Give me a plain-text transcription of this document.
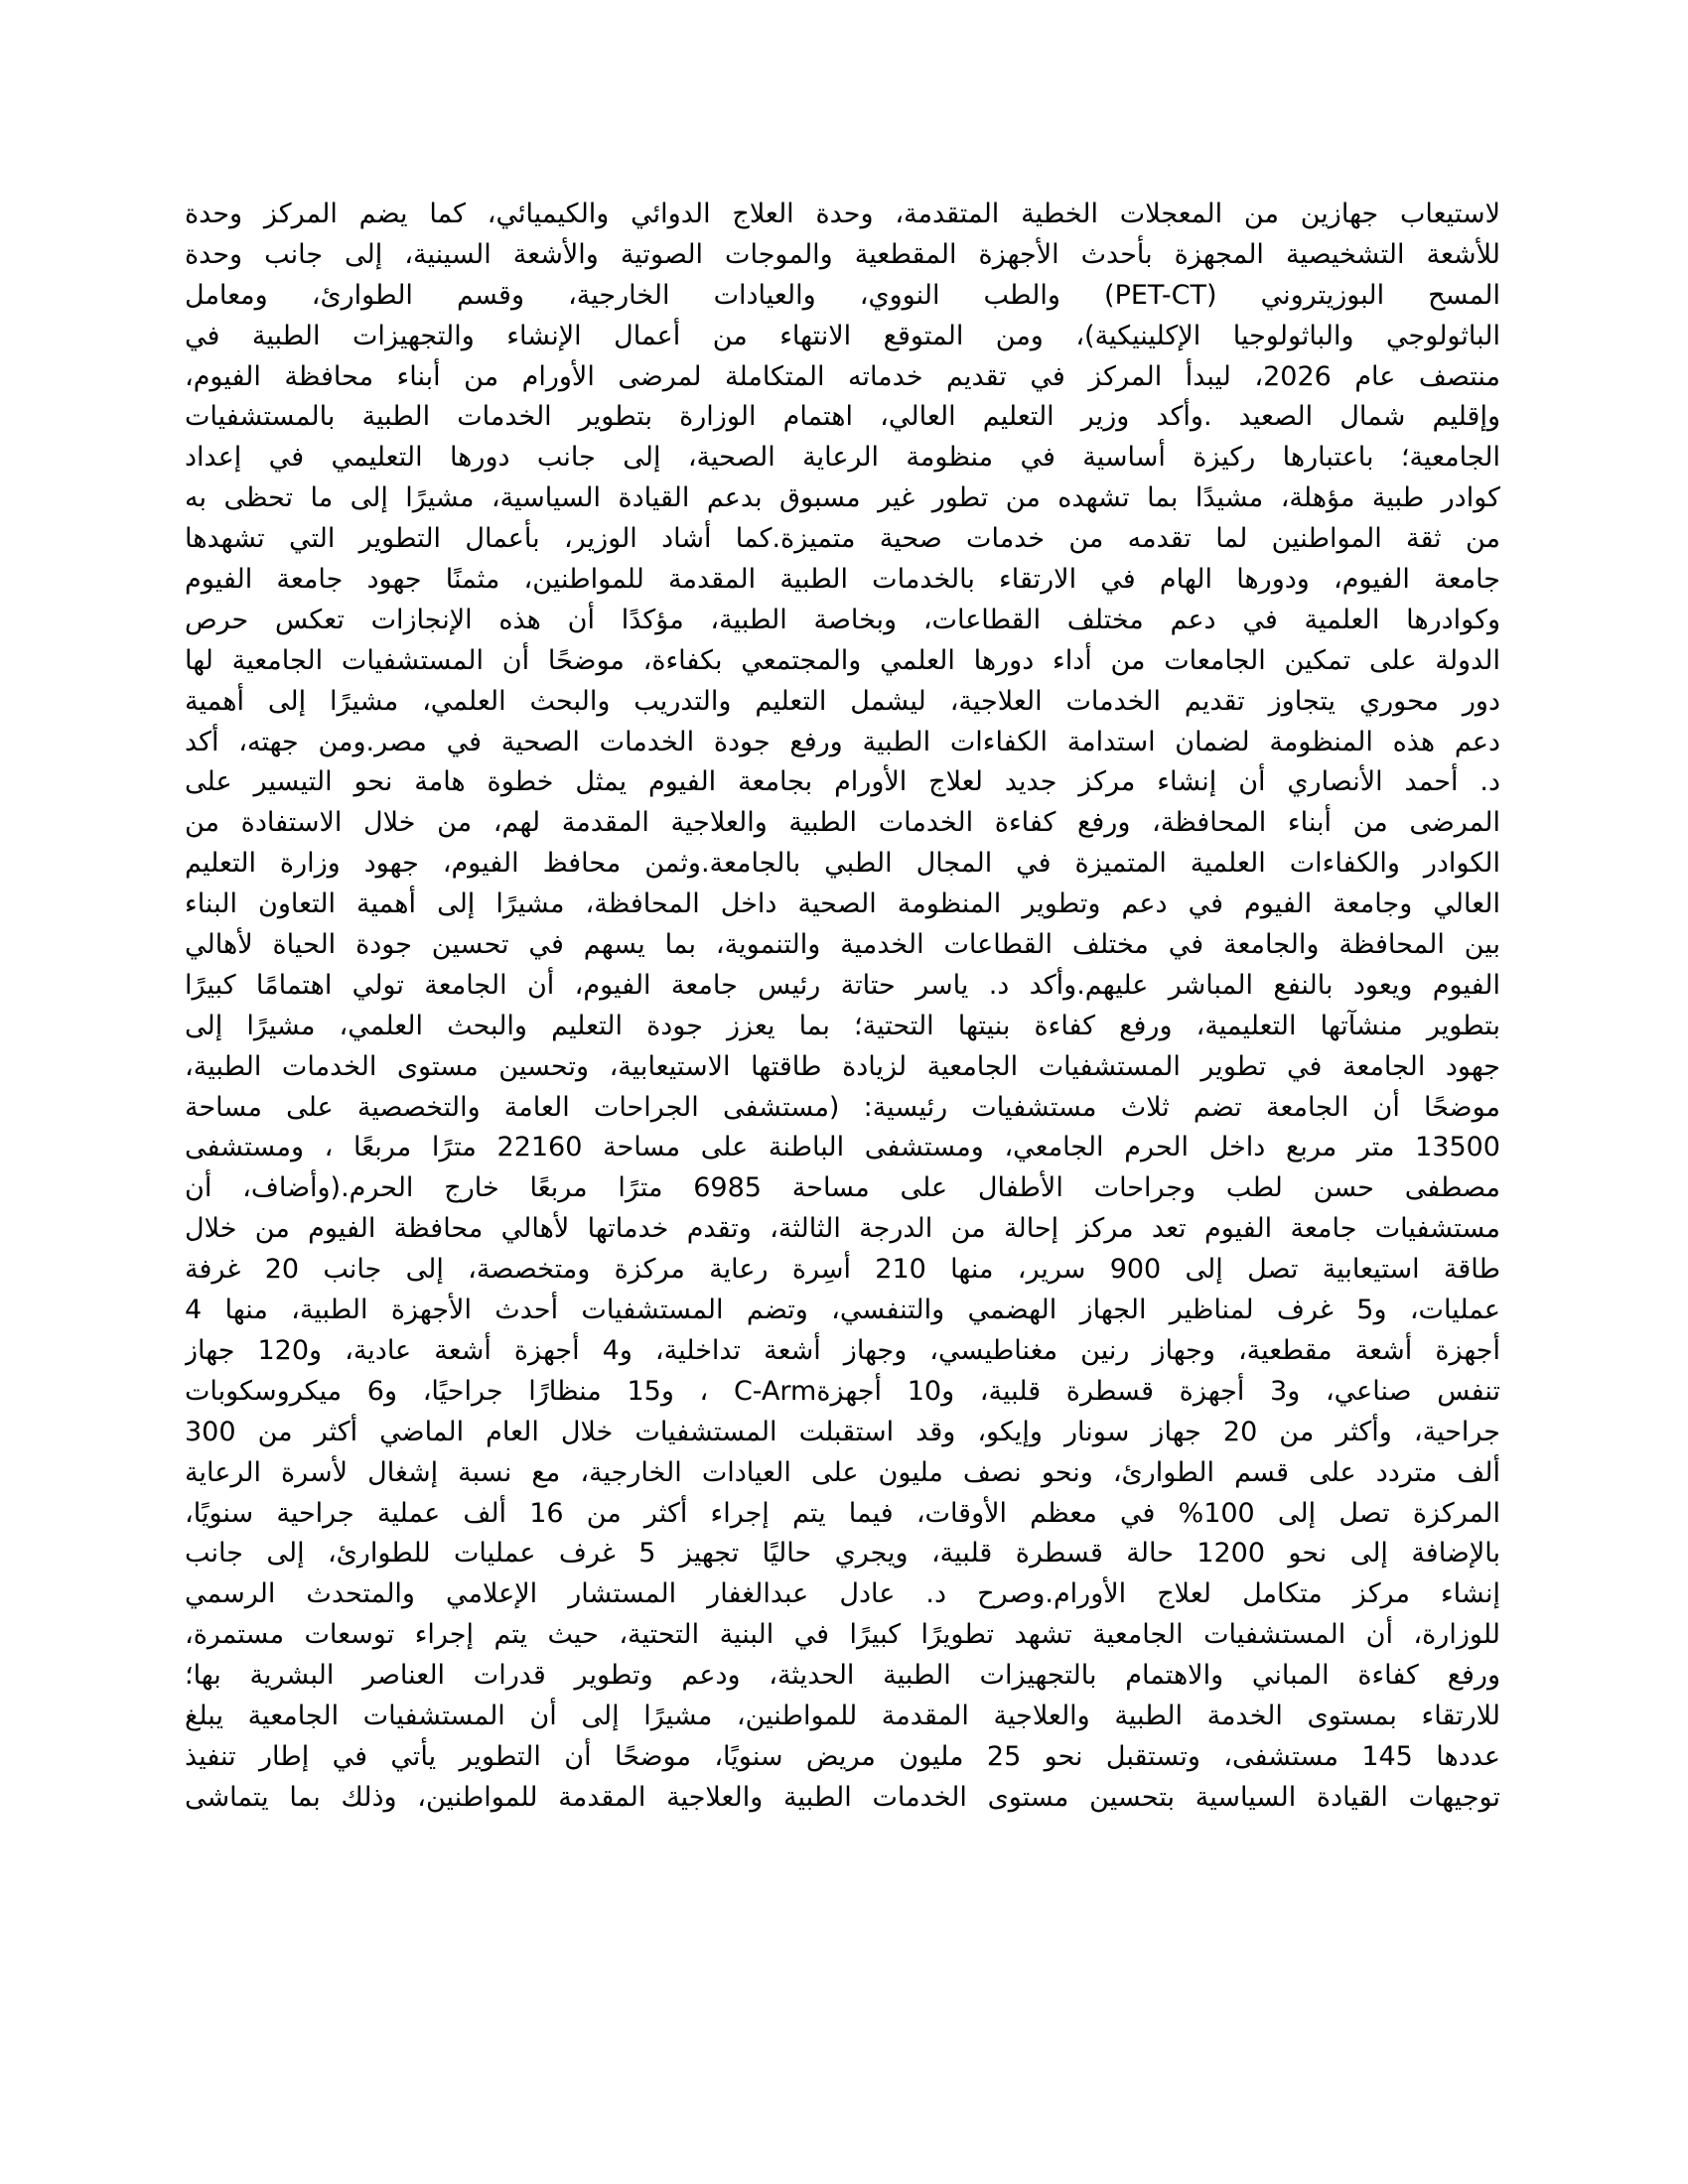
لاستيعاب جهازين من المعجلات الخطية المتقدمة، وحدة العلاج الدوائي والكيميائي، كما يضم المركز وحدة
للأشعة التشخيصية المجهزة بأحدث الأجهزة المقطعية والموجات الصوتية والأشعة السينية، إلى جانب وحدة
المسح البوزيتروني (PET-CT) والطب النووي، والعيادات الخارجية، وقسم الطوارئ، ومعامل
الباثولوجي والباثولوجيا الإكلينيكية)، ومن المتوقع الانتهاء من أعمال الإنشاء والتجهيزات الطبية في
منتصف عام 2026، ليبدأ المركز في تقديم خدماته المتكاملة لمرضى الأورام من أبناء محافظة الفيوم،
وإقليم شمال الصعيد .وأكد وزير التعليم العالي، اهتمام الوزارة بتطوير الخدمات الطبية بالمستشفيات
الجامعية؛ باعتبارها ركيزة أساسية في منظومة الرعاية الصحية، إلى جانب دورها التعليمي في إعداد
كوادر طبية مؤهلة، مشيدًا بما تشهده من تطور غير مسبوق بدعم القيادة السياسية، مشيرًا إلى ما تحظى به
من ثقة المواطنين لما تقدمه من خدمات صحية متميزة.كما أشاد الوزير، بأعمال التطوير التي تشهدها
جامعة الفيوم، ودورها الهام في الارتقاء بالخدمات الطبية المقدمة للمواطنين، مثمنًا جهود جامعة الفيوم
وكوادرها العلمية في دعم مختلف القطاعات، وبخاصة الطبية، مؤكدًا أن هذه الإنجازات تعكس حرص
الدولة على تمكين الجامعات من أداء دورها العلمي والمجتمعي بكفاءة، موضحًا أن المستشفيات الجامعية لها
دور محوري يتجاوز تقديم الخدمات العلاجية، ليشمل التعليم والتدريب والبحث العلمي، مشيرًا إلى أهمية
دعم هذه المنظومة لضمان استدامة الكفاءات الطبية ورفع جودة الخدمات الصحية في مصر.ومن جهته، أكد
د. أحمد الأنصاري أن إنشاء مركز جديد لعلاج الأورام بجامعة الفيوم يمثل خطوة هامة نحو التيسير على
المرضى من أبناء المحافظة، ورفع كفاءة الخدمات الطبية والعلاجية المقدمة لهم، من خلال الاستفادة من
الكوادر والكفاءات العلمية المتميزة في المجال الطبي بالجامعة.وثمن محافظ الفيوم، جهود وزارة التعليم
العالي وجامعة الفيوم في دعم وتطوير المنظومة الصحية داخل المحافظة، مشيرًا إلى أهمية التعاون البناء
بين المحافظة والجامعة في مختلف القطاعات الخدمية والتنموية، بما يسهم في تحسين جودة الحياة لأهالي
الفيوم ويعود بالنفع المباشر عليهم.وأكد د. ياسر حتاتة رئيس جامعة الفيوم، أن الجامعة تولي اهتمامًا كبيرًا
بتطوير منشآتها التعليمية، ورفع كفاءة بنيتها التحتية؛ بما يعزز جودة التعليم والبحث العلمي، مشيرًا إلى
جهود الجامعة في تطوير المستشفيات الجامعية لزيادة طاقتها الاستيعابية، وتحسين مستوى الخدمات الطبية،
موضحًا أن الجامعة تضم ثلاث مستشفيات رئيسية: (مستشفى الجراحات العامة والتخصصية على مساحة
13500 متر مربع داخل الحرم الجامعي، ومستشفى الباطنة على مساحة 22160 مترًا مربعًا ، ومستشفى
مصطفى حسن لطب وجراحات الأطفال على مساحة 6985 مترًا مربعًا خارج الحرم.(وأضاف، أن
مستشفيات جامعة الفيوم تعد مركز إحالة من الدرجة الثالثة، وتقدم خدماتها لأهالي محافظة الفيوم من خلال
طاقة استيعابية تصل إلى 900 سرير، منها 210 أسِرة رعاية مركزة ومتخصصة، إلى جانب 20 غرفة
عمليات، و5 غرف لمناظير الجهاز الهضمي والتنفسي، وتضم المستشفيات أحدث الأجهزة الطبية، منها 4
أجهزة أشعة مقطعية، وجهاز رنين مغناطيسي، وجهاز أشعة تداخلية، و4 أجهزة أشعة عادية، و120 جهاز
تنفس صناعي، و3 أجهزة قسطرة قلبية، و10 أجهزةC-Arm ، و15 منظارًا جراحيًا، و6 ميكروسكوبات
جراحية، وأكثر من 20 جهاز سونار وإيكو، وقد استقبلت المستشفيات خلال العام الماضي أكثر من 300
ألف متردد على قسم الطوارئ، ونحو نصف مليون على العيادات الخارجية، مع نسبة إشغال لأسرة الرعاية
المركزة تصل إلى 100% في معظم الأوقات، فيما يتم إجراء أكثر من 16 ألف عملية جراحية سنويًا،
بالإضافة إلى نحو 1200 حالة قسطرة قلبية، ويجري حاليًا تجهيز 5 غرف عمليات للطوارئ، إلى جانب
إنشاء مركز متكامل لعلاج الأورام.وصرح د. عادل عبدالغفار المستشار الإعلامي والمتحدث الرسمي
للوزارة، أن المستشفيات الجامعية تشهد تطويرًا كبيرًا في البنية التحتية، حيث يتم إجراء توسعات مستمرة،
ورفع كفاءة المباني والاهتمام بالتجهيزات الطبية الحديثة، ودعم وتطوير قدرات العناصر البشرية بها؛
للارتقاء بمستوى الخدمة الطبية والعلاجية المقدمة للمواطنين، مشيرًا إلى أن المستشفيات الجامعية يبلغ
عددها 145 مستشفى، وتستقبل نحو 25 مليون مريض سنويًا، موضحًا أن التطوير يأتي في إطار تنفيذ
توجيهات القيادة السياسية بتحسين مستوى الخدمات الطبية والعلاجية المقدمة للمواطنين، وذلك بما يتماشى
